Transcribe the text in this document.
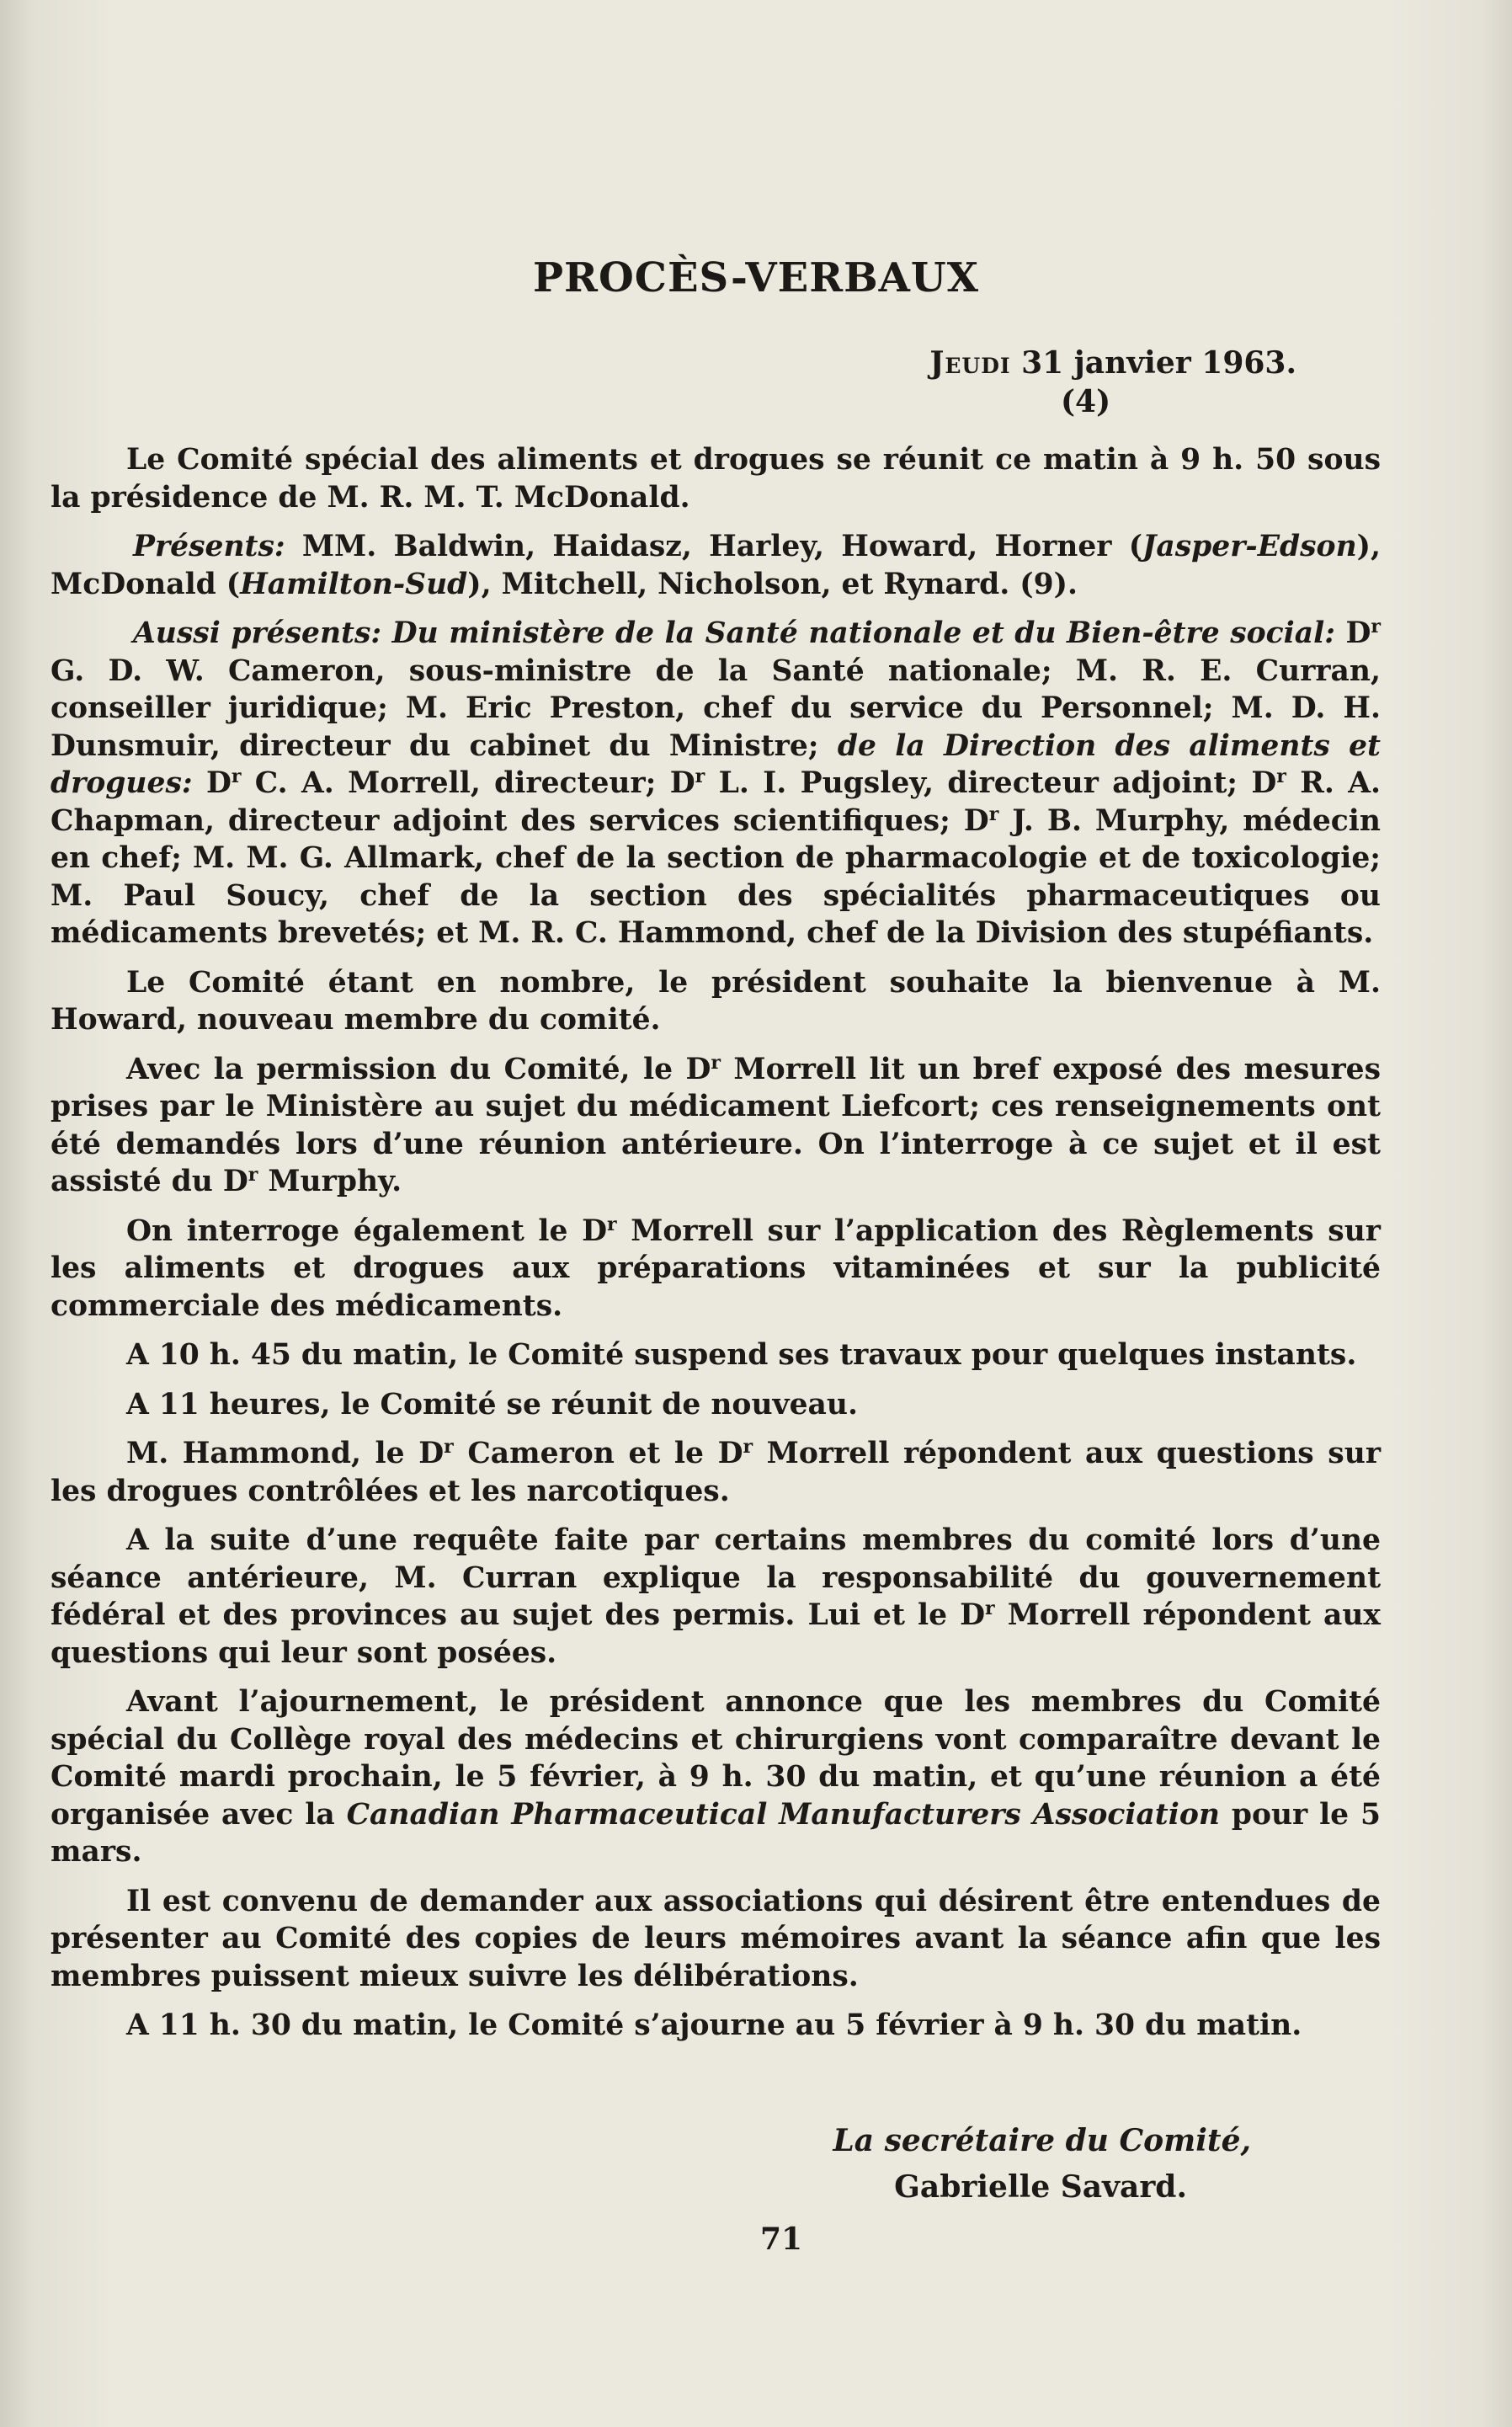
PROCÈS-VERBAUX
Jeudi 31 janvier 1963.
(4)

Le Comité spécial des aliments et drogues se réunit ce matin à 9 h. 50 sous la présidence de M. R. M. T. McDonald.

Présents: MM. Baldwin, Haidasz, Harley, Howard, Horner (Jasper-Edson), McDonald (Hamilton-Sud), Mitchell, Nicholson, et Rynard. (9).

Aussi présents: Du ministère de la Santé nationale et du Bien-être social: $D^r$ G. D. W. Cameron, sous-ministre de la Santé nationale; M. R. E. Curran, conseiller juridique; M. Eric Preston, chef du service du Personnel; M. D. H. Dunsmuir, directeur du cabinet du Ministre; de la Direction des aliments et drogues: $D^r$ C. A. Morrell, directeur; $D^r$ L. I. Pugsley, directeur adjoint; $D^r$ R. A. Chapman, directeur adjoint des services scientifiques; $D^r$ J. B. Murphy, médecin en chef; M. M. G. Allmark, chef de la section de pharmacologie et de toxicologie; M. Paul Soucy, chef de la section des spécialités pharmaceutiques ou médicaments brevetés; et M. R. C. Hammond, chef de la Division des stupéfiants.

Le Comité étant en nombre, le président souhaite la bienvenue à M. Howard, nouveau membre du comité.

Avec la permission du Comité, le $D^r$ Morrell lit un bref exposé des mesures prises par le Ministère au sujet du médicament Liefcort; ces renseignements ont été demandés lors d’une réunion antérieure. On l’interroge à ce sujet et il est assisté du $D^r$ Murphy.

On interroge également le $D^r$ Morrell sur l’application des Règlements sur les aliments et drogues aux préparations vitaminées et sur la publicité commerciale des médicaments.

A 10 h. 45 du matin, le Comité suspend ses travaux pour quelques instants.

A 11 heures, le Comité se réunit de nouveau.

M. Hammond, le $D^r$ Cameron et le $D^r$ Morrell répondent aux questions sur les drogues contrôlées et les narcotiques.

A la suite d’une requête faite par certains membres du comité lors d’une séance antérieure, M. Curran explique la responsabilité du gouvernement fédéral et des provinces au sujet des permis. Lui et le $D^r$ Morrell répondent aux questions qui leur sont posées.

Avant l’ajournement, le président annonce que les membres du Comité spécial du Collège royal des médecins et chirurgiens vont comparaître devant le Comité mardi prochain, le 5 février, à 9 h. 30 du matin, et qu’une réunion a été organisée avec la Canadian Pharmaceutical Manufacturers Association pour le 5 mars.

Il est convenu de demander aux associations qui désirent être entendues de présenter au Comité des copies de leurs mémoires avant la séance afin que les membres puissent mieux suivre les délibérations.

A 11 h. 30 du matin, le Comité s’ajourne au 5 février à 9 h. 30 du matin.

La secrétaire du Comité,
Gabrielle Savard.
71
